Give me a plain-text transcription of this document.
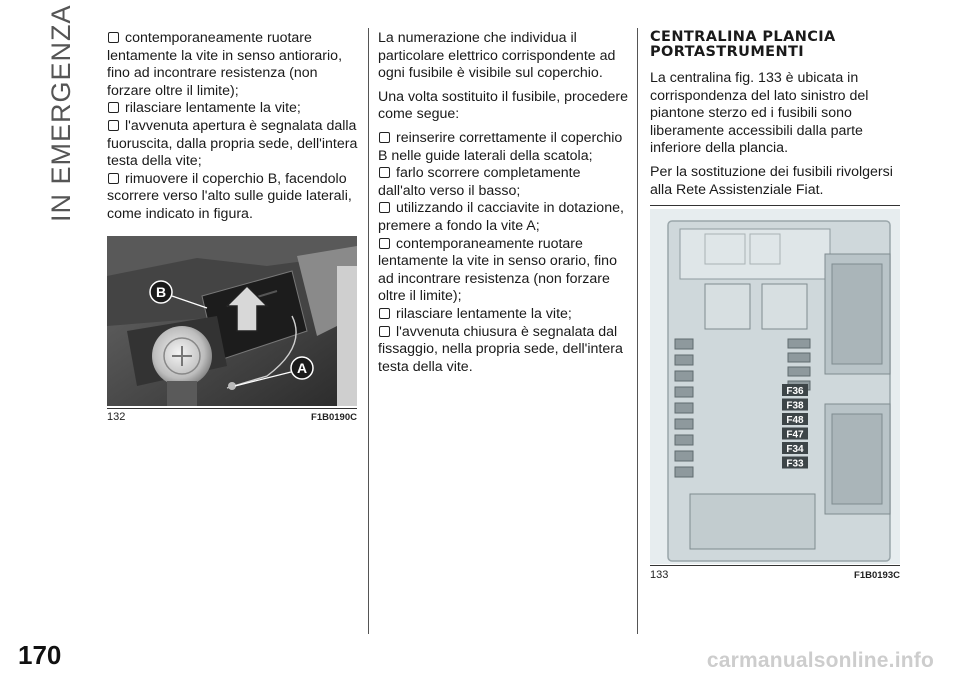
IN EMERGENZA
170
contemporaneamente ruotare
lentamente la vite in senso antiorario,
fino ad incontrare resistenza (non
forzare oltre il limite);
rilasciare lentamente la vite;
l'avvenuta apertura è segnalata dalla
fuoruscita, dalla propria sede, dell'intera
testa della vite;
rimuovere il coperchio B, facendolo
scorrere verso l'alto sulle guide laterali,
come indicato in figura.
B
A
132	F1B0190C

La numerazione che individua il
particolare elettrico corrispondente ad
ogni fusibile è visibile sul coperchio.

Una volta sostituito il fusibile, procedere
come segue:

reinserire correttamente il coperchio
B nelle guide laterali della scatola;
farlo scorrere completamente
dall'alto verso il basso;
utilizzando il cacciavite in dotazione,
premere a fondo la vite A;
contemporaneamente ruotare
lentamente la vite in senso orario, fino
ad incontrare resistenza (non forzare
oltre il limite);
rilasciare lentamente la vite;
l'avvenuta chiusura è segnalata dal
fissaggio, nella propria sede, dell'intera
testa della vite.
CENTRALINA PLANCIA
PORTASTRUMENTI

La centralina fig. 133 è ubicata in
corrispondenza del lato sinistro del
piantone sterzo ed i fusibili sono
liberamente accessibili dalla parte
inferiore della plancia.

Per la sostituzione dei fusibili rivolgersi
alla Rete Assistenziale Fiat.

F36
F38
F48
F47
F34
F33
133	F1B0193C
carmanualsonline.info
